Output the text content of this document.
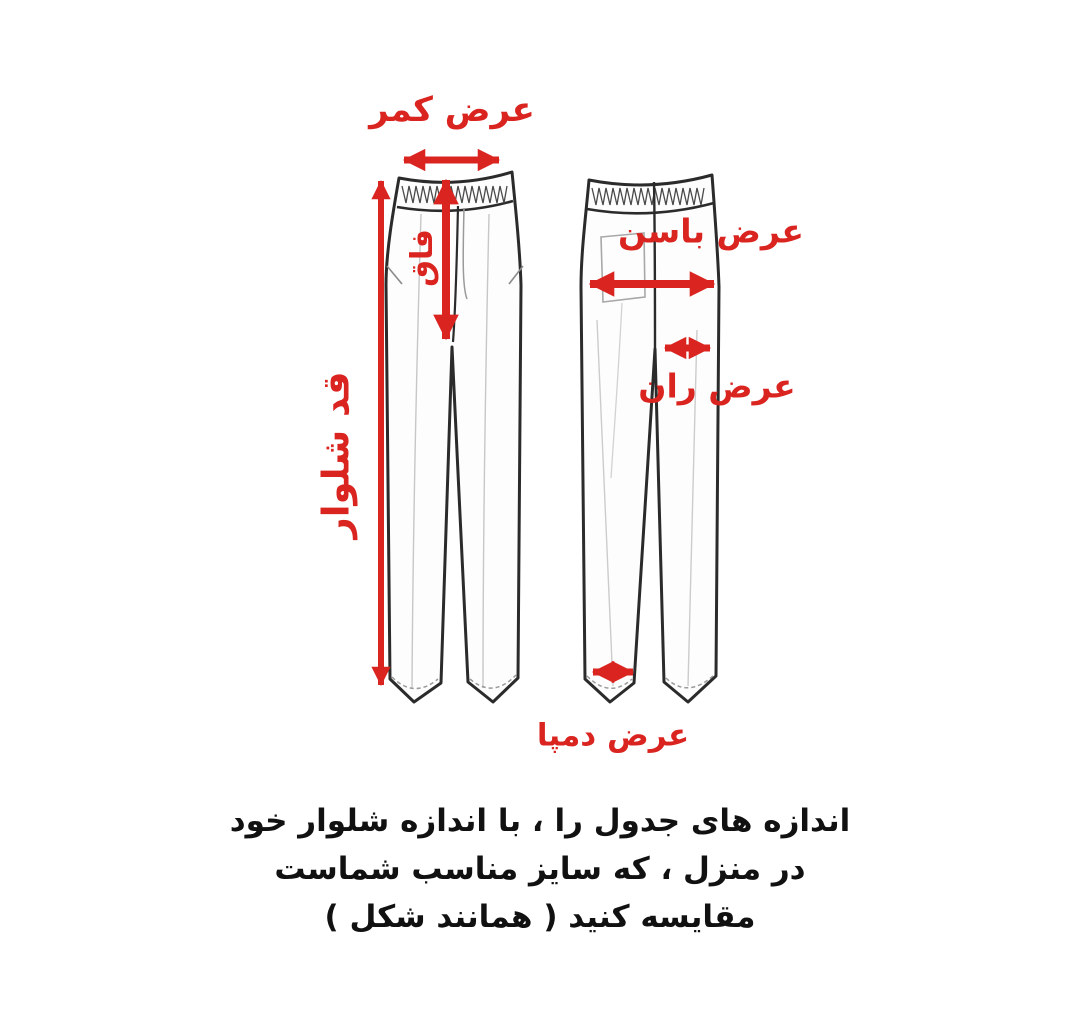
عرض کمر
قد شلوار
فاق	عرض باسن
عرض ران
عرض دمپا
اندازه های جدول را ، با اندازه شلوار خود
در منزل ، که سایز مناسب شماست
مقایسه کنید ( همانند شکل )
